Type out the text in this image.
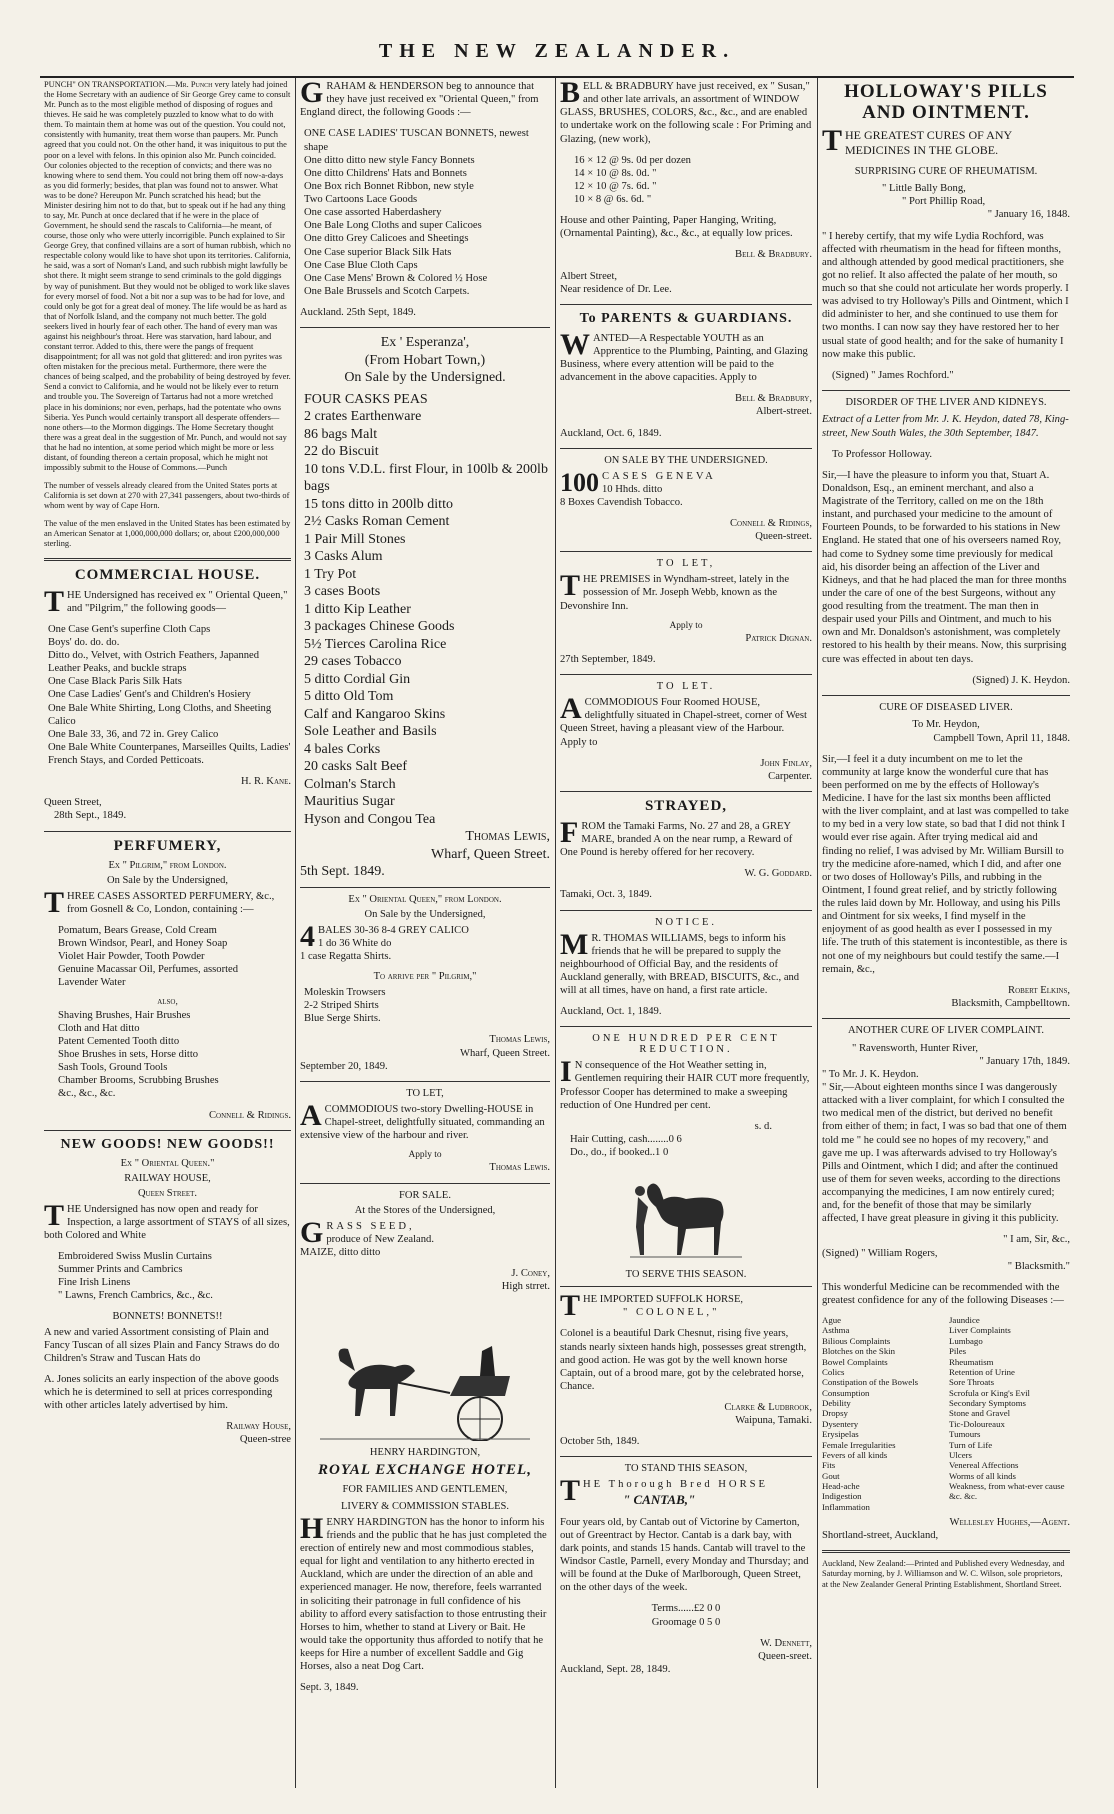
THE NEW ZEALANDER.
PUNCH" ON TRANSPORTATION.—Mr. Punch very lately had joined the Home Secretary with an audience of Sir George Grey came to consult Mr. Punch as to the most eligible method of disposing of rogues and thieves. He said he was completely puzzled to know what to do with them. To maintain them at home was out of the question. You could not, consistently with humanity, treat them worse than paupers. Mr. Punch agreed that you could not. On the other hand, it was iniquitous to put the poor on a level with felons. In this opinion also Mr. Punch coincided. Our colonies objected to the reception of convicts; and there was no knowing where to send them. You could not bring them off now-a-days as you did formerly; besides, that plan was found not to answer. What was to be done? Hereupon Mr. Punch scratched his head; but the Minister desiring him not to do that, but to speak out if he had any thing to say, Mr. Punch at once declared that if he were in the place of Government, he should send the rascals to California—he meant, of course, those only who were utterly incorrigible. Punch explained to Sir George Grey, that confined villains are a sort of human rubbish, which no respectable colony would like to have shot upon its territories. California, he said, was a sort of Noman's Land, and such rubbish might lawfully be shot there. It might seem strange to send criminals to the gold diggings by way of punishment. But they would not be obliged to work like slaves for every morsel of food. Not a bit nor a sup was to be had for love, and could only be got for a great deal of money. The life would be as hard as that of Norfolk Island, and the company not much better. The gold seekers lived in hourly fear of each other. The hand of every man was against his neighbour's throat. Here was starvation, hard labour, and constant terror. Added to this, there were the pangs of frequent disappointment; for all was not gold that glittered: and iron pyrites was often mistaken for the precious metal. Furthermore, there were the chances of being scalped, and the probability of being destroyed by fever. Send a convict to California, and he would not be likely ever to return and trouble you. The Sovereign of Tartarus had not a more wretched place in his dominions; nor even, perhaps, had the potentate who owns Siberia. Yes Punch would certainly transport all desperate offenders—none others—to the Mormon diggings. The Home Secretary thought there was a great deal in the suggestion of Mr. Punch, and would not say that he had no intention, at some period which might be more or less distant, of founding thereon a certain proposal, which he might not impossibly submit to the House of Commons.—Punch
The number of vessels already cleared from the United States ports at California is set down at 270 with 27,341 passengers, about two-thirds of whom went by way of Cape Horn.
The value of the men enslaved in the United States has been estimated by an American Senator at 1,000,000,000 dollars; or, about £200,000,000 sterling.
COMMERCIAL HOUSE.
THE Undersigned has received ex " Oriental Queen," and "Pilgrim," the following goods—
One Case Gent's superfine Cloth Caps
Boys' do. do. do.
Ditto do., Velvet, with Ostrich Feathers, Japanned Leather Peaks, and buckle straps
One Case Black Paris Silk Hats
One Case Ladies' Gent's and Children's Hosiery
One Bale White Shirting, Long Cloths, and Sheeting Calico
One Bale 33, 36, and 72 in. Grey Calico
One Bale White Counterpanes, Marseilles Quilts, Ladies' French Stays, and Corded Petticoats.
H. R. Kane.
Queen Street,
28th Sept., 1849.
PERFUMERY,
Ex " Pilgrim," from London.
On Sale by the Undersigned,
THREE CASES ASSORTED PERFUMERY, &c., from Gosnell & Co, London, containing :—
Pomatum, Bears Grease, Cold Cream
Brown Windsor, Pearl, and Honey Soap
Violet Hair Powder, Tooth Powder
Genuine Macassar Oil, Perfumes, assorted
Lavender Water
also,
Shaving Brushes, Hair Brushes
Cloth and Hat ditto
Patent Cemented Tooth ditto
Shoe Brushes in sets, Horse ditto
Sash Tools, Ground Tools
Chamber Brooms, Scrubbing Brushes
&c., &c., &c.
Connell & Ridings.
NEW GOODS! NEW GOODS!!
Ex " Oriental Queen."
RAILWAY HOUSE,
Queen Street.
THE Undersigned has now open and ready for Inspection, a large assortment of STAYS of all sizes, both Colored and White
Embroidered Swiss Muslin Curtains
Summer Prints and Cambrics
Fine Irish Linens
" Lawns, French Cambrics, &c., &c.
BONNETS! BONNETS!!
A new and varied Assortment consisting of Plain and Fancy Tuscan of all sizes Plain and Fancy Straws do do Children's Straw and Tuscan Hats do
A. Jones solicits an early inspection of the above goods which he is determined to sell at prices corresponding with other articles lately advertised by him.
Railway House,
Queen-stree
GRAHAM & HENDERSON beg to announce that they have just received ex "Oriental Queen," from England direct, the following Goods :—
ONE CASE LADIES' TUSCAN BONNETS, newest shape
One ditto ditto new style Fancy Bonnets
One ditto Childrens' Hats and Bonnets
One Box rich Bonnet Ribbon, new style
Two Cartoons Lace Goods
One case assorted Haberdashery
One Bale Long Cloths and super Calicoes
One ditto Grey Calicoes and Sheetings
One Case superior Black Silk Hats
One Case Blue Cloth Caps
One Case Mens' Brown & Colored ½ Hose
One Bale Brussels and Scotch Carpets.
Auckland. 25th Sept, 1849.
Ex ' Esperanza',
(From Hobart Town,)
On Sale by the Undersigned.
FOUR CASKS PEAS
2 crates Earthenware
86 bags Malt
22 do Biscuit
10 tons V.D.L. first Flour, in 100lb & 200lb bags
15 tons ditto in 200lb ditto
2½ Casks Roman Cement
1 Pair Mill Stones
3 Casks Alum
1 Try Pot
3 cases Boots
1 ditto Kip Leather
3 packages Chinese Goods
5½ Tierces Carolina Rice
29 cases Tobacco
5 ditto Cordial Gin
5 ditto Old Tom
Calf and Kangaroo Skins
Sole Leather and Basils
4 bales Corks
20 casks Salt Beef
Colman's Starch
Mauritius Sugar
Hyson and Congou Tea
Thomas Lewis,
Wharf, Queen Street.
5th Sept. 1849.
Ex " Oriental Queen," from London.
On Sale by the Undersigned,
4 BALES 30-36 8-4 GREY CALICO
1 do 36 White do
1 case Regatta Shirts.
To arrive per " Pilgrim,"
Moleskin Trowsers
2-2 Striped Shirts
Blue Serge Shirts.
Thomas Lewis,
Wharf, Queen Street.
September 20, 1849.
TO LET,
ACOMMODIOUS two-story Dwelling-HOUSE in Chapel-street, delightfully situated, commanding an extensive view of the harbour and river.
Apply to
Thomas Lewis.
FOR SALE.
At the Stores of the Undersigned,
GRASS SEED,
produce of New Zealand.
MAIZE, ditto ditto
J. Coney,
High strret.
HENRY HARDINGTON,
ROYAL EXCHANGE HOTEL,
FOR FAMILIES AND GENTLEMEN,
LIVERY & COMMISSION STABLES.
HENRY HARDINGTON has the honor to inform his friends and the public that he has just completed the erection of entirely new and most commodious stables, equal for light and ventilation to any hitherto erected in Auckland, which are under the direction of an able and experienced manager. He now, therefore, feels warranted in soliciting their patronage in full confidence of his ability to afford every satisfaction to those entrusting their Horses to him, whether to stand at Livery or Bait. He would take the opportunity thus afforded to notify that he keeps for Hire a number of excellent Saddle and Gig Horses, also a neat Dog Cart.
Sept. 3, 1849.
BELL & BRADBURY have just received, ex " Susan," and other late arrivals, an assortment of WINDOW GLASS, BRUSHES, COLORS, &c., &c., and are enabled to undertake work on the following scale : For Priming and Glazing, (new work),
16 × 12 @ 9s. 0d per dozen
14 × 10 @ 8s. 0d. "
12 × 10 @ 7s. 6d. "
10 × 8 @ 6s. 6d. "
House and other Painting, Paper Hanging, Writing, (Ornamental Painting), &c., &c., at equally low prices.
Bell & Bradbury.
Albert Street,
Near residence of Dr. Lee.
To PARENTS & GUARDIANS.
WANTED—A Respectable YOUTH as an Apprentice to the Plumbing, Painting, and Glazing Business, where every attention will be paid to the advancement in the above capacities. Apply to
Bell & Bradbury,
Albert-street.
Auckland, Oct. 6, 1849.
ON SALE BY THE UNDERSIGNED.
100 CASES GENEVA
10 Hhds. ditto
8 Boxes Cavendish Tobacco.
Connell & Ridings,
Queen-street.
TO LET,
THE PREMISES in Wyndham-street, lately in the possession of Mr. Joseph Webb, known as the Devonshire Inn.
Apply to
Patrick Dignan.
27th September, 1849.
TO LET.
ACOMMODIOUS Four Roomed HOUSE, delightfully situated in Chapel-street, corner of West Queen Street, having a pleasant view of the Harbour. Apply to
John Finlay,
Carpenter.
STRAYED,
FROM the Tamaki Farms, No. 27 and 28, a GREY MARE, branded A on the near rump, a Reward of One Pound is hereby offered for her recovery.
W. G. Goddard.
Tamaki, Oct. 3, 1849.
NOTICE.
M R. THOMAS WILLIAMS, begs to inform his friends that he will be prepared to supply the neighbourhood of Official Bay, and the residents of Auckland generally, with BREAD, BISCUITS, &c., and will at all times, have on hand, a first rate article.
Auckland, Oct. 1, 1849.
ONE HUNDRED PER CENT REDUCTION.
I N consequence of the Hot Weather setting in, Gentlemen requiring their HAIR CUT more frequently, Professor Cooper has determined to make a sweeping reduction of One Hundred per cent.
s. d.
Hair Cutting, cash........0 6
Do., do., if booked..1 0
TO SERVE THIS SEASON.
THE IMPORTED SUFFOLK HORSE,
" COLONEL,"
Colonel is a beautiful Dark Chesnut, rising five years, stands nearly sixteen hands high, possesses great strength, and good action. He was got by the well known horse Captain, out of a brood mare, got by the celebrated horse, Chance.
Clarke & Ludbrook,
Waipuna, Tamaki.
October 5th, 1849.
TO STAND THIS SEASON,
THE Thorough Bred HORSE
" CANTAB,"
Four years old, by Cantab out of Victorine by Camerton, out of Greentract by Hector. Cantab is a dark bay, with dark points, and stands 15 hands. Cantab will travel to the Windsor Castle, Parnell, every Monday and Thursday; and will be found at the Duke of Marlborough, Queen Street, on the other days of the week.
Terms......£2 0 0
Groomage 0 5 0
W. Dennett,
Queen-sreet.
Auckland, Sept. 28, 1849.
HOLLOWAY'S PILLS AND OINTMENT.
THE GREATEST CURES OF ANY MEDICINES IN THE GLOBE.
SURPRISING CURE OF RHEUMATISM.
" Little Bally Bong,
" Port Phillip Road,
" January 16, 1848.
" I hereby certify, that my wife Lydia Rochford, was affected with rheumatism in the head for fifteen months, and although attended by good medical practitioners, she got no relief. It also affected the palate of her mouth, so much so that she could not articulate her words properly. I was advised to try Holloway's Pills and Ointment, which I did administer to her, and she continued to use them for two months. I can now say they have restored her to her usual state of good health; and for the sake of humanity I now make this public.
(Signed) " James Rochford."
DISORDER OF THE LIVER AND KIDNEYS.
Extract of a Letter from Mr. J. K. Heydon, dated 78, King-street, New South Wales, the 30th September, 1847.
To Professor Holloway.
Sir,—I have the pleasure to inform you that, Stuart A. Donaldson, Esq., an eminent merchant, and also a Magistrate of the Territory, called on me on the 18th instant, and purchased your medicine to the amount of Fourteen Pounds, to be forwarded to his stations in New England. He stated that one of his overseers named Roy, had come to Sydney some time previously for medical aid, his disorder being an affection of the Liver and Kidneys, and that he had placed the man for three months under the care of one of the best Surgeons, without any good resulting from the treatment. The man then in despair used your Pills and Ointment, and much to his own and Mr. Donaldson's astonishment, was completely restored to his health by their means. Now, this surprising cure was effected in about ten days.
(Signed) J. K. Heydon.
CURE OF DISEASED LIVER.
To Mr. Heydon,
Campbell Town, April 11, 1848.
Sir,—I feel it a duty incumbent on me to let the community at large know the wonderful cure that has been performed on me by the effects of Holloway's Medicine. I have for the last six months been afflicted with the liver complaint, and at last was compelled to take to my bed in a very low state, so bad that I did not think I would ever rise again. After trying medical aid and finding no relief, I was advised by Mr. William Bursill to try the medicine afore-named, which I did, and after one or two doses of Holloway's Pills, and rubbing in the Ointment, I found great relief, and by strictly following the rules laid down by Mr. Holloway, and using his Pills and Ointment for six weeks, I find myself in the enjoyment of as good health as ever I possessed in my life. The truth of this statement is incontestible, as there is not one of my neighbours but could testify the same.—I remain, &c.,
Robert Elkins,
Blacksmith, Campbelltown.
ANOTHER CURE OF LIVER COMPLAINT.
" Ravensworth, Hunter River,
" January 17th, 1849.
" To Mr. J. K. Heydon.
" Sir,—About eighteen months since I was dangerously attacked with a liver complaint, for which I consulted the two medical men of the district, but derived no benefit from either of them; in fact, I was so bad that one of them told me " he could see no hopes of my recovery," and gave me up. I was afterwards advised to try Holloway's Pills and Ointment, which I did; and after the continued use of them for seven weeks, according to the directions accompanying the medicines, I am now entirely cured; and, for the benefit of those that may be similarly affected, I have great pleasure in giving it this publicity.
" I am, Sir, &c.,
(Signed) " William Rogers,
" Blacksmith."
This wonderful Medicine can be recommended with the greatest confidence for any of the following Diseases :—
Ague
Asthma
Bilious Complaints
Blotches on the Skin
Bowel Complaints
Colics
Constipation of the Bowels
Consumption
Debility
Dropsy
Dysentery
Erysipelas
Female Irregularities
Fevers of all kinds
Fits
Gout
Head-ache
Indigestion
Inflammation
Jaundice
Liver Complaints
Lumbago
Piles
Rheumatism
Retention of Urine
Sore Throats
Scrofula or King's Evil
Secondary Symptoms
Stone and Gravel
Tic-Doloureaux
Tumours
Turn of Life
Ulcers
Venereal Affections
Worms of all kinds
Weakness, from what-ever cause
&c. &c.
Wellesley Hughes,—Agent.
Shortland-street, Auckland,
Auckland, New Zealand:—Printed and Published every Wednesday, and Saturday morning, by J. Williamson and W. C. Wilson, sole proprietors, at the New Zealander General Printing Establishment, Shortland Street.
